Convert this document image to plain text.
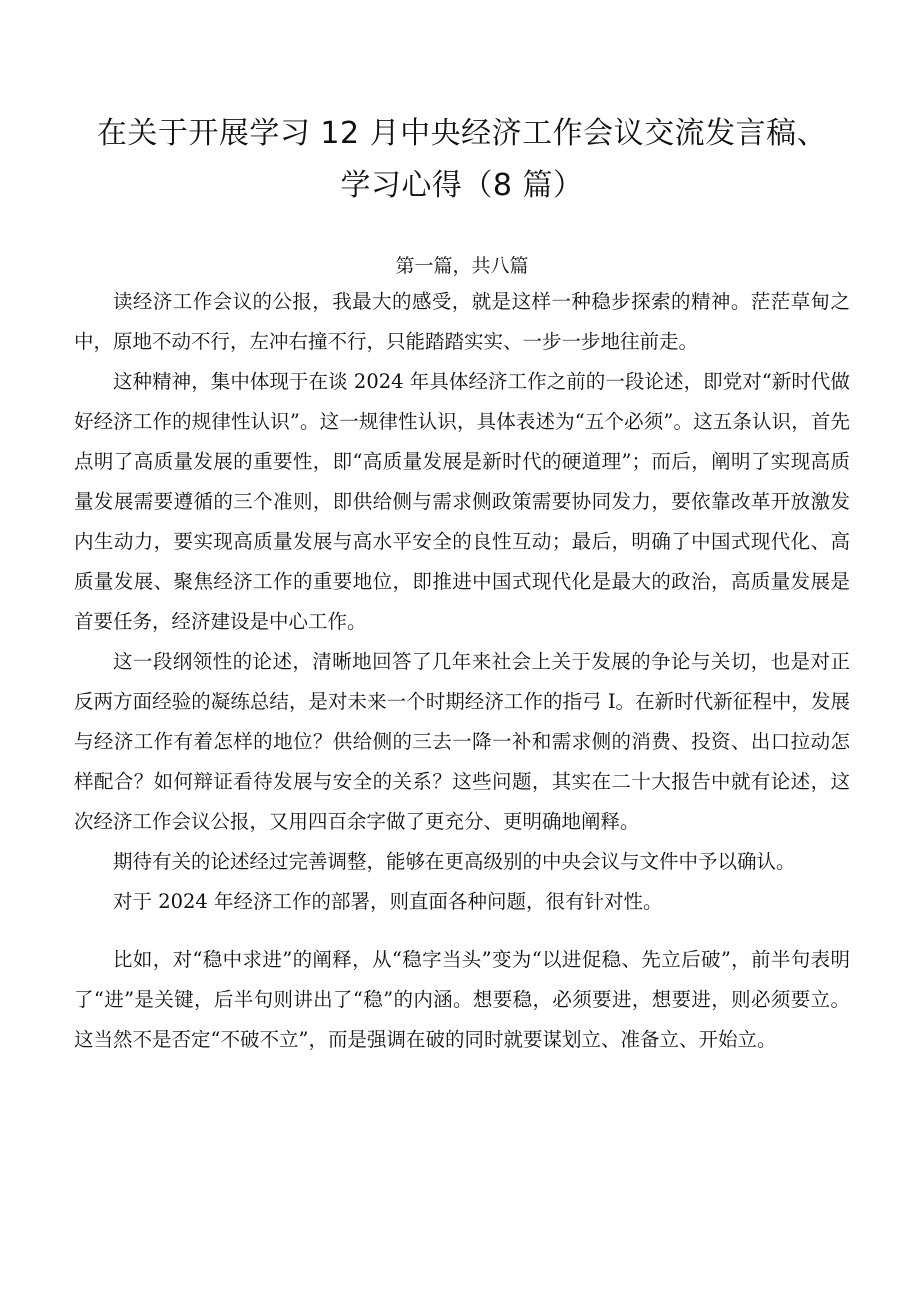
在关于开展学习 12 月中央经济工作会议交流发言稿、
学习心得（8 篇）
第一篇，共八篇

读经济工作会议的公报，我最大的感受，就是这样一种稳步探索的精神。茫茫草甸之中，原地不动不行，左冲右撞不行，只能踏踏实实、一步一步地往前走。

这种精神，集中体现于在谈 2024 年具体经济工作之前的一段论述，即党对“新时代做好经济工作的规律性认识”。这一规律性认识，具体表述为“五个必须”。这五条认识，首先点明了高质量发展的重要性，即“高质量发展是新时代的硬道理”；而后，阐明了实现高质量发展需要遵循的三个准则，即供给侧与需求侧政策需要协同发力，要依靠改革开放激发内生动力，要实现高质量发展与高水平安全的良性互动；最后，明确了中国式现代化、高质量发展、聚焦经济工作的重要地位，即推进中国式现代化是最大的政治，高质量发展是首要任务，经济建设是中心工作。

这一段纲领性的论述，清晰地回答了几年来社会上关于发展的争论与关切，也是对正反两方面经验的凝练总结，是对未来一个时期经济工作的指弓 I。在新时代新征程中，发展与经济工作有着怎样的地位？供给侧的三去一降一补和需求侧的消费、投资、出口拉动怎样配合？如何辩证看待发展与安全的关系？这些问题，其实在二十大报告中就有论述，这次经济工作会议公报，又用四百余字做了更充分、更明确地阐释。

期待有关的论述经过完善调整，能够在更高级别的中央会议与文件中予以确认。

对于 2024 年经济工作的部署，则直面各种问题，很有针对性。

比如，对“稳中求进”的阐释，从“稳字当头”变为“以进促稳、先立后破”，前半句表明了“进”是关键，后半句则讲出了“稳”的内涵。想要稳，必须要进，想要进，则必须要立。这当然不是否定“不破不立”，而是强调在破的同时就要谋划立、准备立、开始立。
